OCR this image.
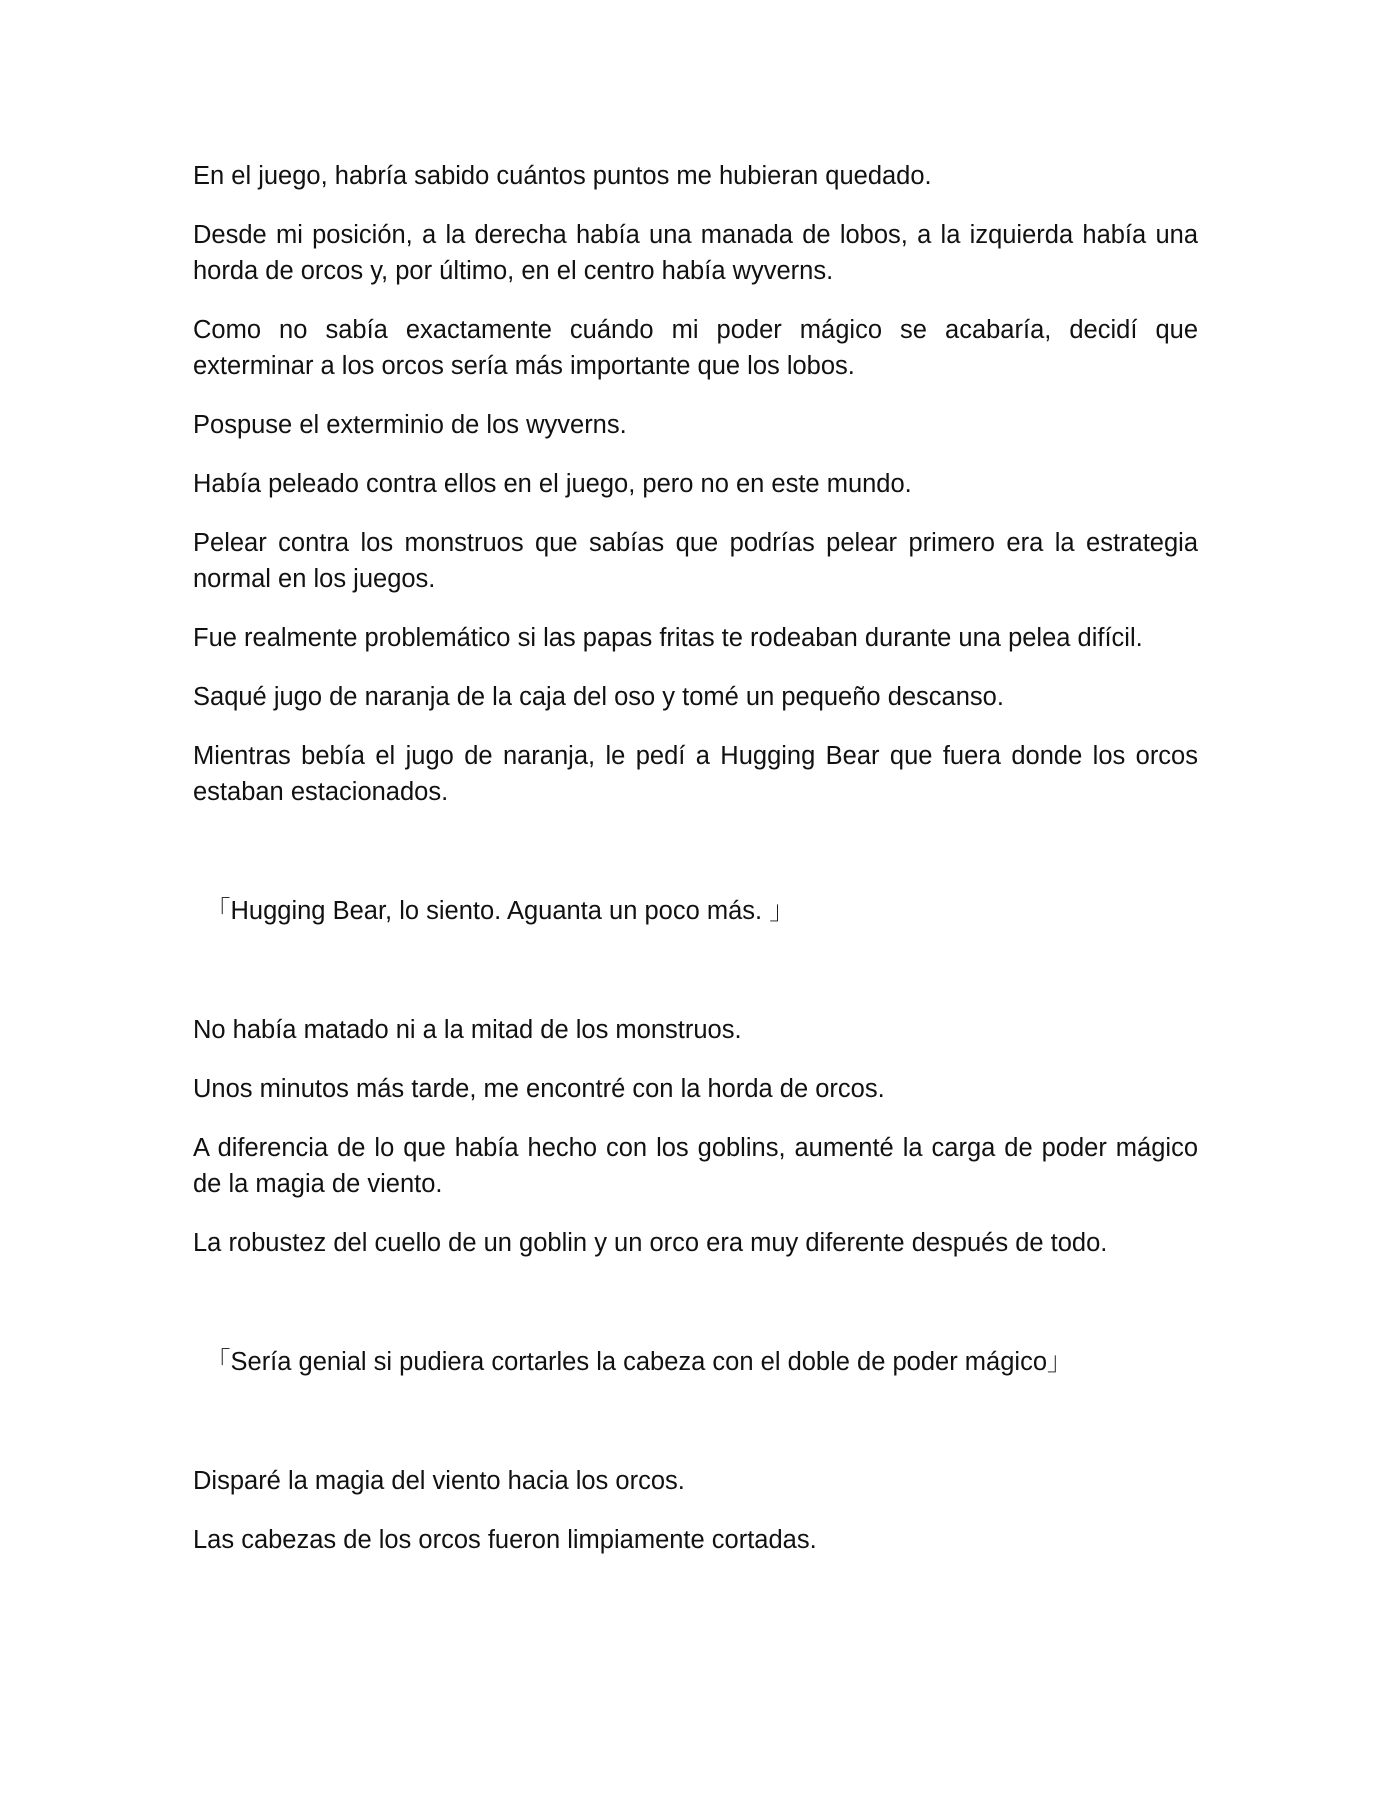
En el juego, habría sabido cuántos puntos me hubieran quedado.

Desde mi posición, a la derecha había una manada de lobos, a la izquierda había una horda de orcos y, por último, en el centro había wyverns.

Como no sabía exactamente cuándo mi poder mágico se acabaría, decidí que exterminar a los orcos sería más importante que los lobos.

Pospuse el exterminio de los wyverns.

Había peleado contra ellos en el juego, pero no en este mundo.

Pelear contra los monstruos que sabías que podrías pelear primero era la estrategia normal en los juegos.

Fue realmente problemático si las papas fritas te rodeaban durante una pelea difícil.

Saqué jugo de naranja de la caja del oso y tomé un pequeño descanso.

Mientras bebía el jugo de naranja, le pedí a Hugging Bear que fuera donde los orcos estaban estacionados.

「Hugging Bear, lo siento. Aguanta un poco más. 」

No había matado ni a la mitad de los monstruos.

Unos minutos más tarde, me encontré con la horda de orcos.

A diferencia de lo que había hecho con los goblins, aumenté la carga de poder mágico de la magia de viento.

La robustez del cuello de un goblin y un orco era muy diferente después de todo.

「Sería genial si pudiera cortarles la cabeza con el doble de poder mágico」

Disparé la magia del viento hacia los orcos.

Las cabezas de los orcos fueron limpiamente cortadas.
